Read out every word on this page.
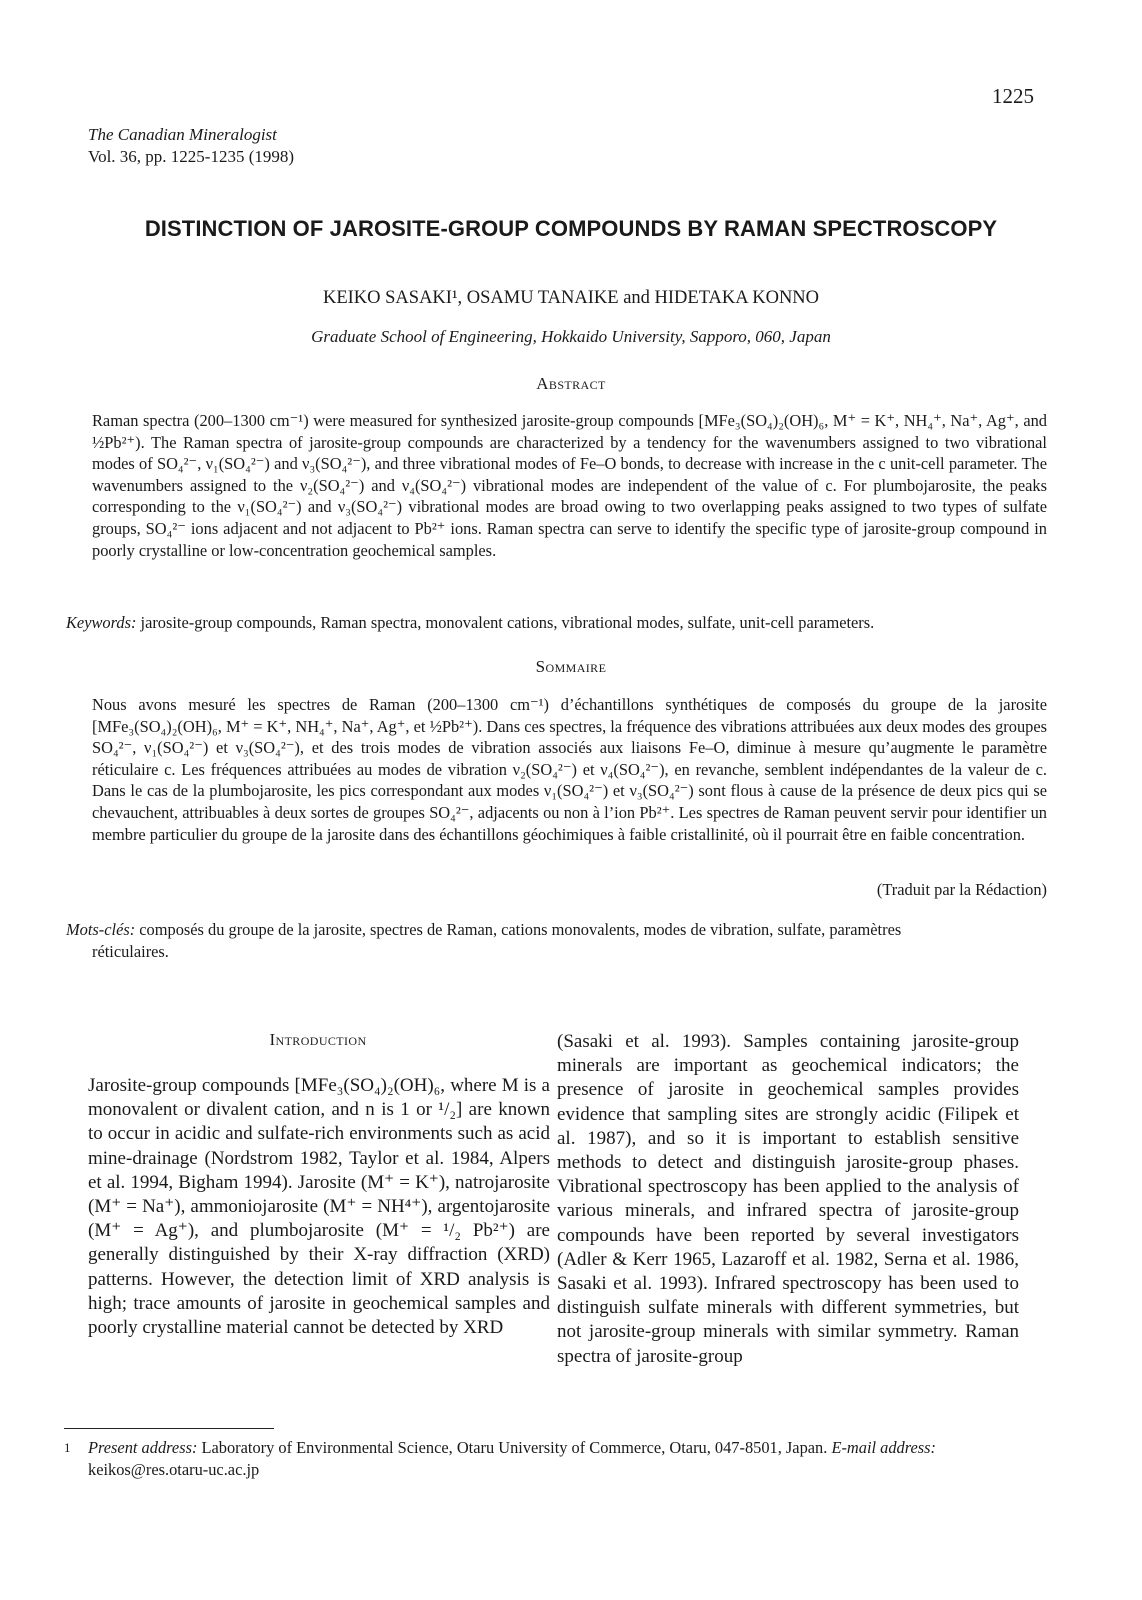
1225
The Canadian Mineralogist
Vol. 36, pp. 1225-1235 (1998)
DISTINCTION OF JAROSITE-GROUP COMPOUNDS BY RAMAN SPECTROSCOPY
KEIKO SASAKI¹, OSAMU TANAIKE and HIDETAKA KONNO
Graduate School of Engineering, Hokkaido University, Sapporo, 060, Japan
Abstract
Raman spectra (200–1300 cm⁻¹) were measured for synthesized jarosite-group compounds [MFe₃(SO₄)₂(OH)₆, M⁺ = K⁺, NH₄⁺, Na⁺, Ag⁺, and ½Pb²⁺). The Raman spectra of jarosite-group compounds are characterized by a tendency for the wavenumbers assigned to two vibrational modes of SO₄²⁻, ν₁(SO₄²⁻) and ν₃(SO₄²⁻), and three vibrational modes of Fe–O bonds, to decrease with increase in the c unit-cell parameter. The wavenumbers assigned to the ν₂(SO₄²⁻) and ν₄(SO₄²⁻) vibrational modes are independent of the value of c. For plumbojarosite, the peaks corresponding to the ν₁(SO₄²⁻) and ν₃(SO₄²⁻) vibrational modes are broad owing to two overlapping peaks assigned to two types of sulfate groups, SO₄²⁻ ions adjacent and not adjacent to Pb²⁺ ions. Raman spectra can serve to identify the specific type of jarosite-group compound in poorly crystalline or low-concentration geochemical samples.
Keywords: jarosite-group compounds, Raman spectra, monovalent cations, vibrational modes, sulfate, unit-cell parameters.
Sommaire
Nous avons mesuré les spectres de Raman (200–1300 cm⁻¹) d’échantillons synthétiques de composés du groupe de la jarosite [MFe₃(SO₄)₂(OH)₆, M⁺ = K⁺, NH₄⁺, Na⁺, Ag⁺, et ½Pb²⁺). Dans ces spectres, la fréquence des vibrations attribuées aux deux modes des groupes SO₄²⁻, ν₁(SO₄²⁻) et ν₃(SO₄²⁻), et des trois modes de vibration associés aux liaisons Fe–O, diminue à mesure qu’augmente le paramètre réticulaire c. Les fréquences attribuées au modes de vibration ν₂(SO₄²⁻) et ν₄(SO₄²⁻), en revanche, semblent indépendantes de la valeur de c. Dans le cas de la plumbojarosite, les pics correspondant aux modes ν₁(SO₄²⁻) et ν₃(SO₄²⁻) sont flous à cause de la présence de deux pics qui se chevauchent, attribuables à deux sortes de groupes SO₄²⁻, adjacents ou non à l’ion Pb²⁺. Les spectres de Raman peuvent servir pour identifier un membre particulier du groupe de la jarosite dans des échantillons géochimiques à faible cristallinité, où il pourrait être en faible concentration.
(Traduit par la Rédaction)
Mots-clés: composés du groupe de la jarosite, spectres de Raman, cations monovalents, modes de vibration, sulfate, paramètres
réticulaires.
Introduction
Jarosite-group compounds [MFe₃(SO₄)₂(OH)₆, where M is a monovalent or divalent cation, and n is 1 or ¹/₂] are known to occur in acidic and sulfate-rich environments such as acid mine-drainage (Nordstrom 1982, Taylor et al. 1984, Alpers et al. 1994, Bigham 1994). Jarosite (M⁺ = K⁺), natrojarosite (M⁺ = Na⁺), ammoniojarosite (M⁺ = NH⁴⁺), argentojarosite (M⁺ = Ag⁺), and plumbojarosite (M⁺ = ¹/₂ Pb²⁺) are generally distinguished by their X-ray diffraction (XRD) patterns. However, the detection limit of XRD analysis is high; trace amounts of jarosite in geochemical samples and poorly crystalline material cannot be detected by XRD
(Sasaki et al. 1993). Samples containing jarosite-group minerals are important as geochemical indicators; the presence of jarosite in geochemical samples provides evidence that sampling sites are strongly acidic (Filipek et al. 1987), and so it is important to establish sensitive methods to detect and distinguish jarosite-group phases. Vibrational spectroscopy has been applied to the analysis of various minerals, and infrared spectra of jarosite-group compounds have been reported by several investigators (Adler & Kerr 1965, Lazaroff et al. 1982, Serna et al. 1986, Sasaki et al. 1993). Infrared spectroscopy has been used to distinguish sulfate minerals with different symmetries, but not jarosite-group minerals with similar symmetry. Raman spectra of jarosite-group
1 Present address: Laboratory of Environmental Science, Otaru University of Commerce, Otaru, 047-8501, Japan. E-mail address: keikos@res.otaru-uc.ac.jp
